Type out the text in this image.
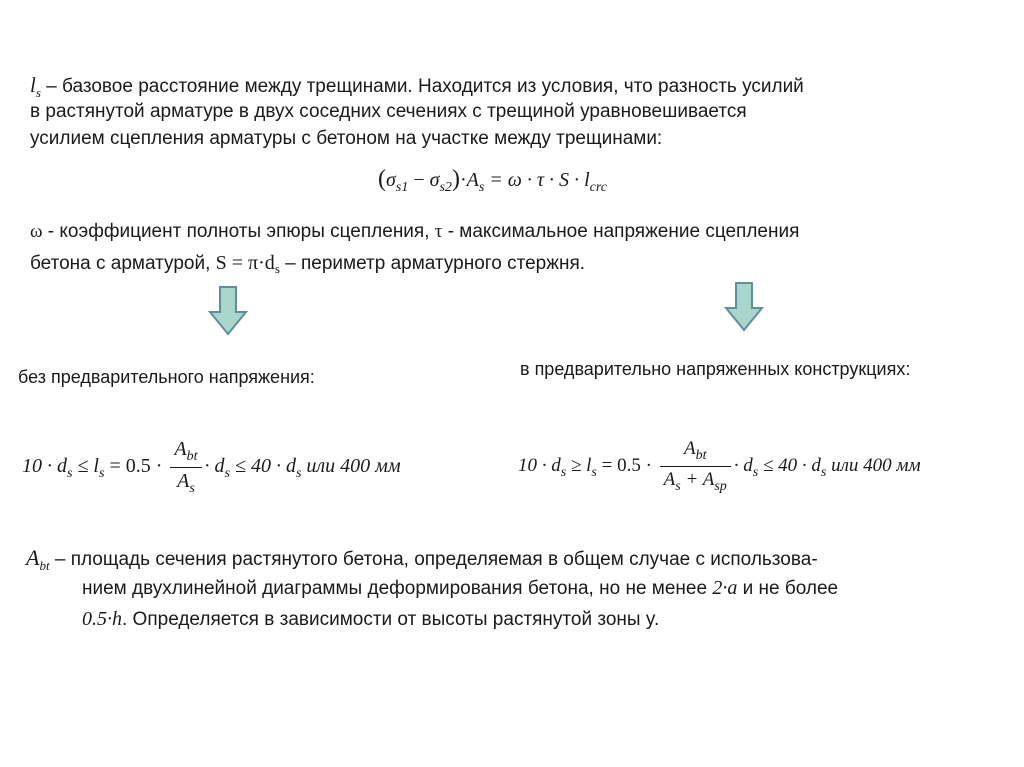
$l_s$ – базовое расстояние между трещинами. Находится из условия, что разность усилий
в растянутой арматуре в двух соседних сечениях с трещиной уравновешивается
усилием сцепления арматуры с бетоном на участке между трещинами:
$(\sigma_{s1} - \sigma_{s2})\cdot A_s = \omega \cdot \tau \cdot S \cdot l_{crc}$
ω - коэффициент полноты эпюры сцепления, τ - максимальное напряжение сцепления
бетона с арматурой, $S = \pi\cdot d_s$ – периметр арматурного стержня.
без предварительного напряжения:	в предварительно напряженных конструкциях:
$10 \cdot d_s \le l_s = 0.5 \cdot \frac{A_{bt}}{A_s} \cdot d_s \le 40 \cdot d_s$ или 400 мм	$10 \cdot d_s \ge l_s = 0.5 \cdot \frac{A_{bt}}{A_s + A_{sp}} \cdot d_s \le 40 \cdot d_s$ или 400 мм
$A_{bt}$ – площадь сечения растянутого бетона, определяемая в общем случае с использова-
нием двухлинейной диаграммы деформирования бетона, но не менее 2·a и не более
0.5·h. Определяется в зависимости от высоты растянутой зоны y.
